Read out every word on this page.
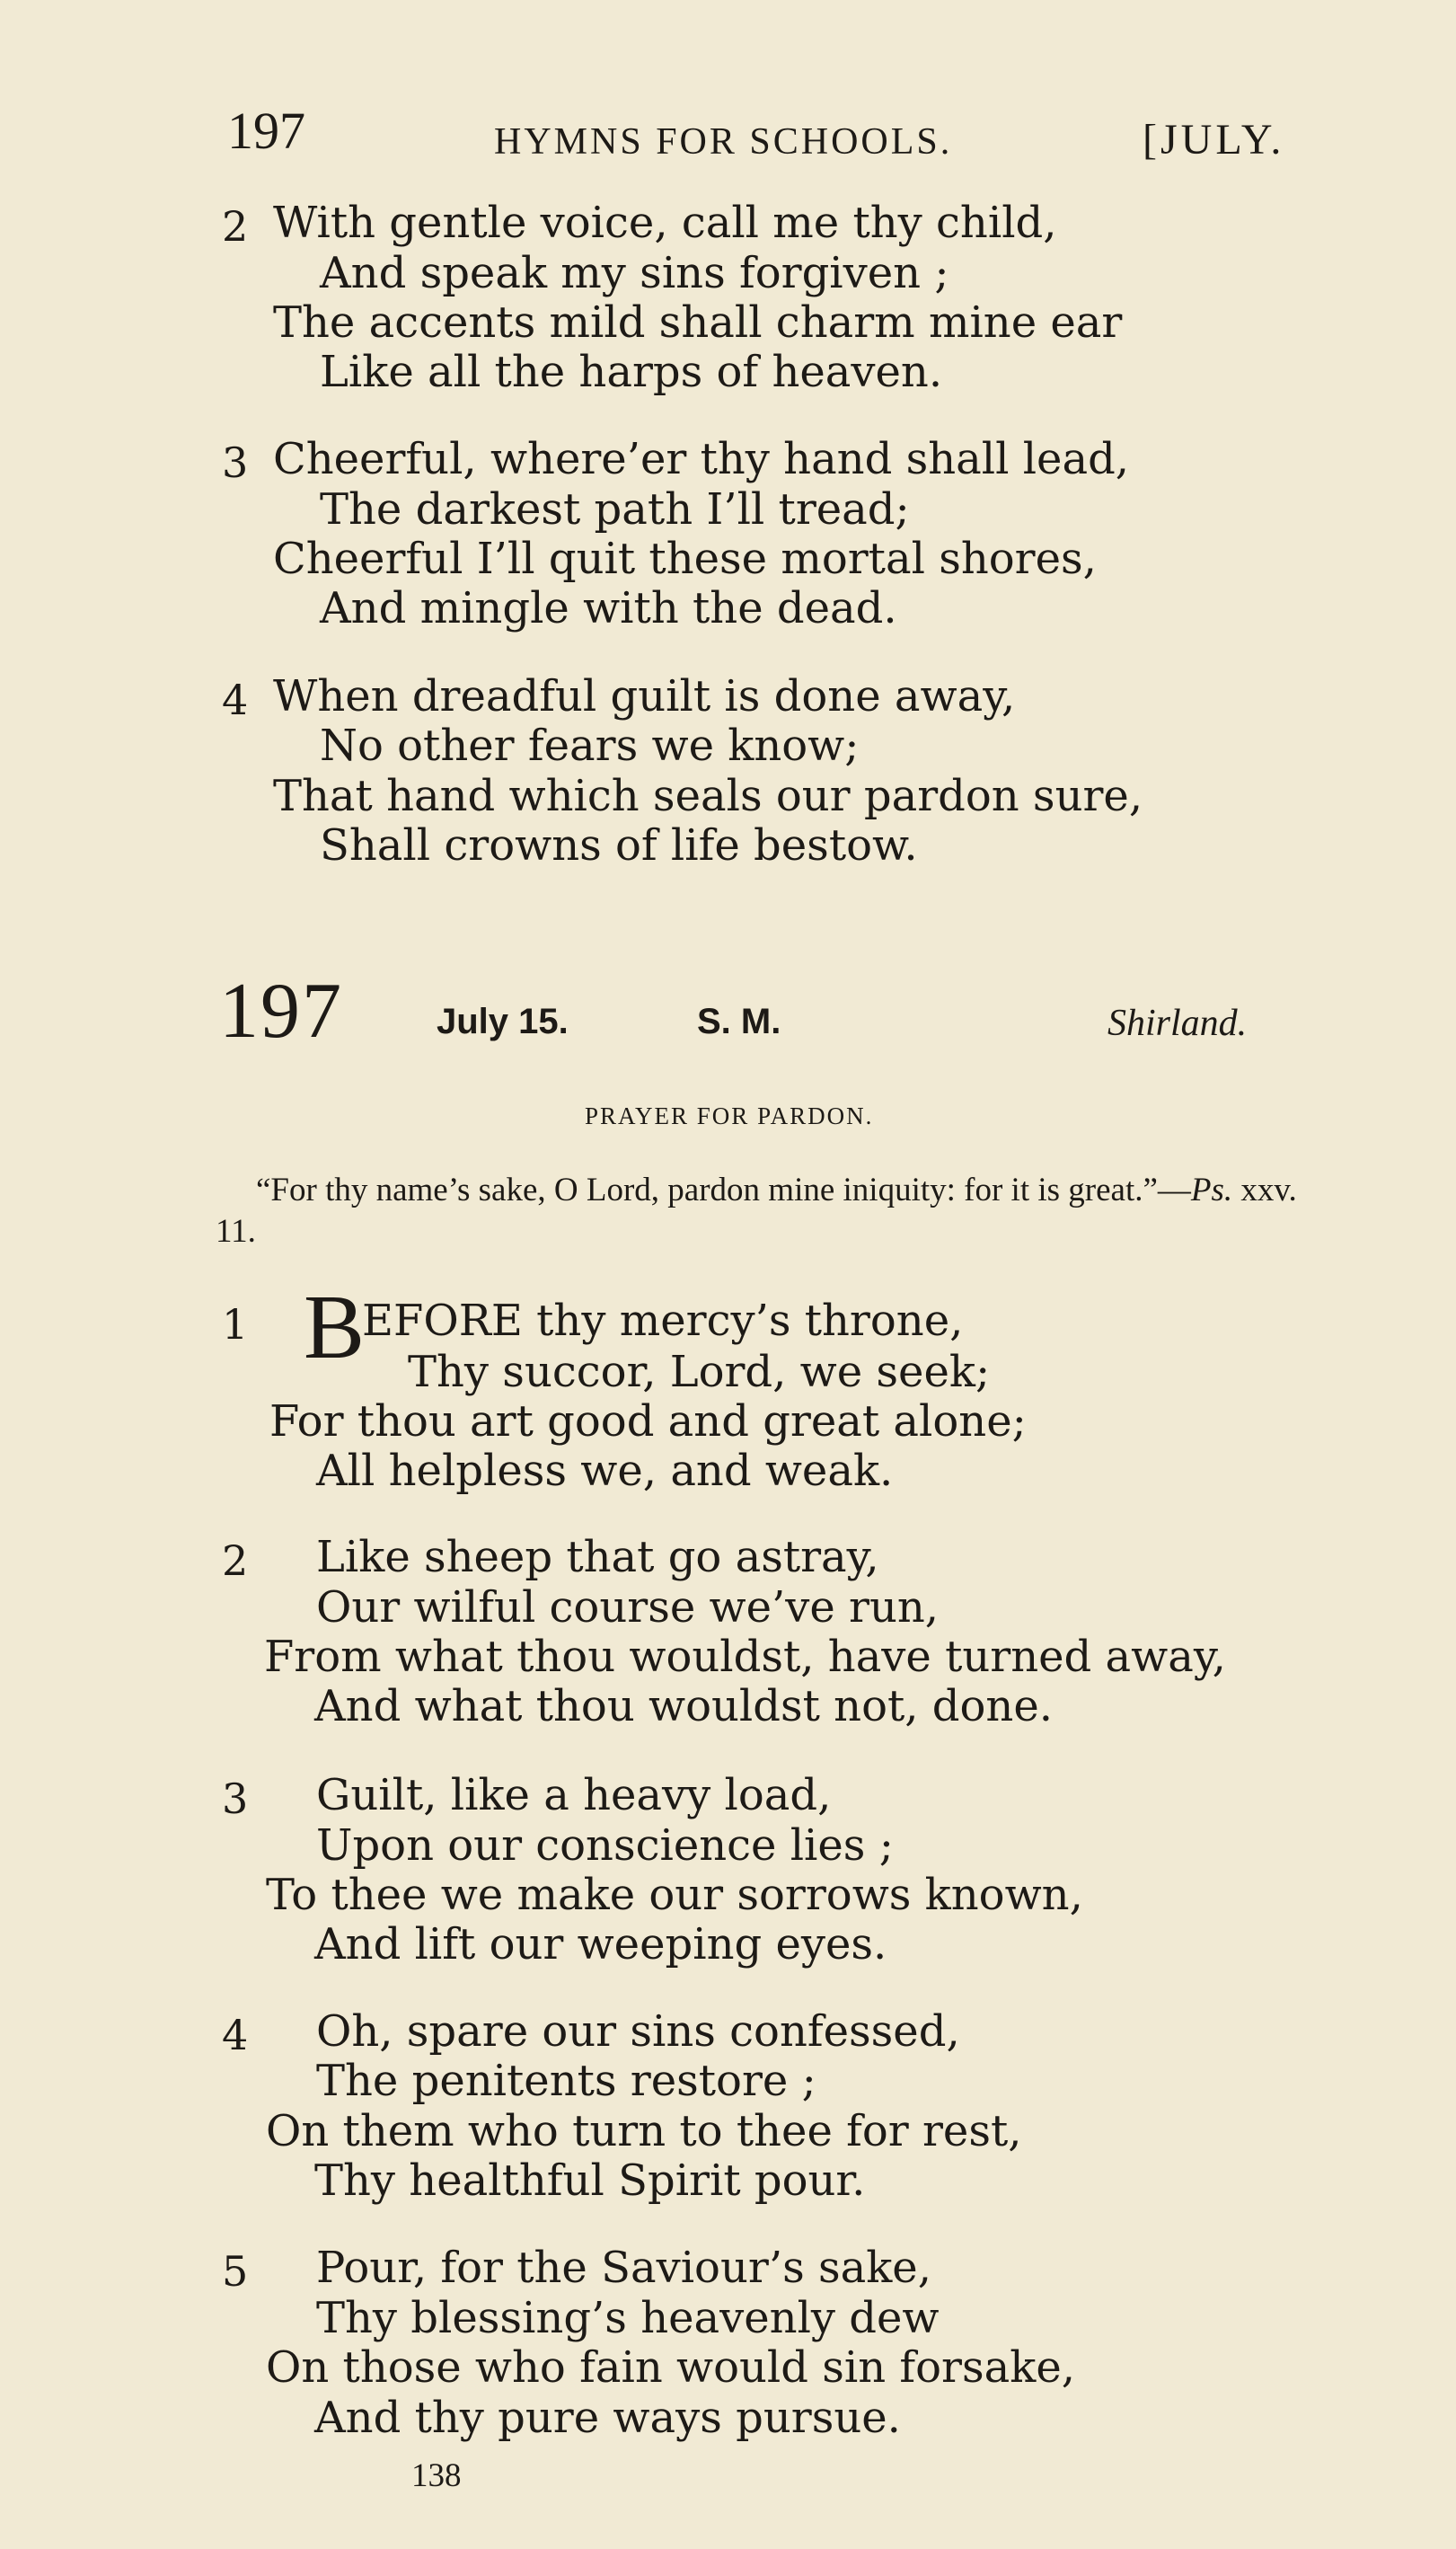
197	HYMNS FOR SCHOOLS.	[JULY.
2 With gentle voice, call me thy child,
And speak my sins forgiven ;
The accents mild shall charm mine ear
Like all the harps of heaven.
3 Cheerful, where’er thy hand shall lead,
The darkest path I’ll tread;
Cheerful I’ll quit these mortal shores,
And mingle with the dead.
4 When dreadful guilt is done away,
No other fears we know;
That hand which seals our pardon sure,
Shall crowns of life bestow.
197	July 15.	S. M.	Shirland.
PRAYER FOR PARDON.
“For thy name’s sake, O Lord, pardon mine iniquity: for it is great.”—Ps. xxv. 11.
1 B
EFORE thy mercy’s throne,
Thy succor, Lord, we seek;
For thou art good and great alone;
All helpless we, and weak.
2 Like sheep that go astray,
Our wilful course we’ve run,
From what thou wouldst, have turned away,
And what thou wouldst not, done.
3 Guilt, like a heavy load,
Upon our conscience lies ;
To thee we make our sorrows known,
And lift our weeping eyes.
4 Oh, spare our sins confessed,
The penitents restore ;
On them who turn to thee for rest,
Thy healthful Spirit pour.
5 Pour, for the Saviour’s sake,
Thy blessing’s heavenly dew
On those who fain would sin forsake,
And thy pure ways pursue.
138
